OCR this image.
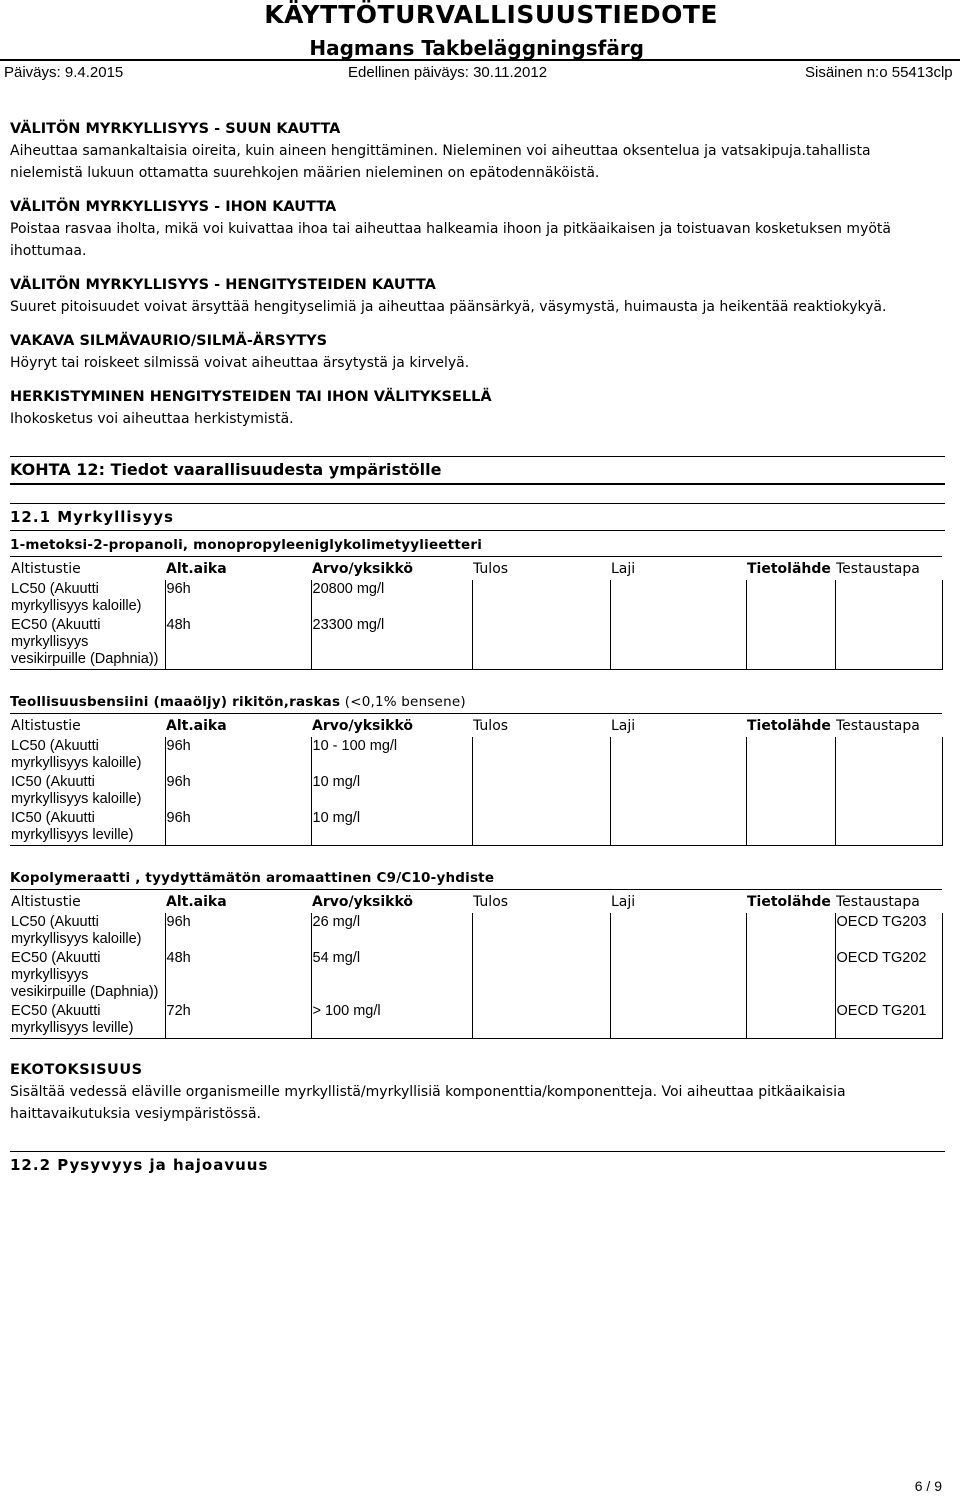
KÄYTTÖTURVALLISUUSTIEDOTE
Hagmans Takbeläggningsfärg
Päiväys: 9.4.2015	Edellinen päiväys: 30.11.2012	Sisäinen n:o 55413clp

VÄLITÖN MYRKYLLISYYS - SUUN KAUTTA

Aiheuttaa samankaltaisia oireita, kuin aineen hengittäminen. Nieleminen voi aiheuttaa oksentelua ja vatsakipuja.tahallista nielemistä lukuun ottamatta suurehkojen määrien nieleminen on epätodennäköistä.

VÄLITÖN MYRKYLLISYYS - IHON KAUTTA

Poistaa rasvaa iholta, mikä voi kuivattaa ihoa tai aiheuttaa halkeamia ihoon ja pitkäaikaisen ja toistuavan kosketuksen myötä ihottumaa.

VÄLITÖN MYRKYLLISYYS - HENGITYSTEIDEN KAUTTA

Suuret pitoisuudet voivat ärsyttää hengityselimiä ja aiheuttaa päänsärkyä, väsymystä, huimausta ja heikentää reaktiokykyä.

VAKAVA SILMÄVAURIO/SILMÄ-ÄRSYTYS

Höyryt tai roiskeet silmissä voivat aiheuttaa ärsytystä ja kirvelyä.

HERKISTYMINEN HENGITYSTEIDEN TAI IHON VÄLITYKSELLÄ

Ihokosketus voi aiheuttaa herkistymistä.

KOHTA 12: Tiedot vaarallisuudesta ympäristölle
12.1 Myrkyllisyys
1-metoksi-2-propanoli, monopropyleeniglykolimetyylieetteri
Altistustie	Alt.aika	Arvo/yksikkö	Tulos	Laji	Tietolähde	Testaustapa
LC50 (Akuutti myrkyllisyys kaloille)	96h	20800 mg/l				
EC50 (Akuutti myrkyllisyys vesikirpuille (Daphnia))	48h	23300 mg/l				
Teollisuusbensiini (maaöljy) rikitön,raskas (<0,1% bensene)
Altistustie	Alt.aika	Arvo/yksikkö	Tulos	Laji	Tietolähde	Testaustapa
LC50 (Akuutti myrkyllisyys kaloille)	96h	10 - 100 mg/l				
IC50 (Akuutti myrkyllisyys kaloille)	96h	10 mg/l				
IC50 (Akuutti myrkyllisyys leville)	96h	10 mg/l				
Kopolymeraatti , tyydyttämätön aromaattinen C9/C10-yhdiste
Altistustie	Alt.aika	Arvo/yksikkö	Tulos	Laji	Tietolähde	Testaustapa
LC50 (Akuutti myrkyllisyys kaloille)	96h	26 mg/l				OECD TG203
EC50 (Akuutti myrkyllisyys vesikirpuille (Daphnia))	48h	54 mg/l				OECD TG202
EC50 (Akuutti myrkyllisyys leville)	72h	> 100 mg/l				OECD TG201
EKOTOKSISUUS

Sisältää vedessä eläville organismeille myrkyllistä/myrkyllisiä komponenttia/komponentteja. Voi aiheuttaa pitkäaikaisia haittavaikutuksia vesiympäristössä.

12.2 Pysyvyys ja hajoavuus
6 / 9
